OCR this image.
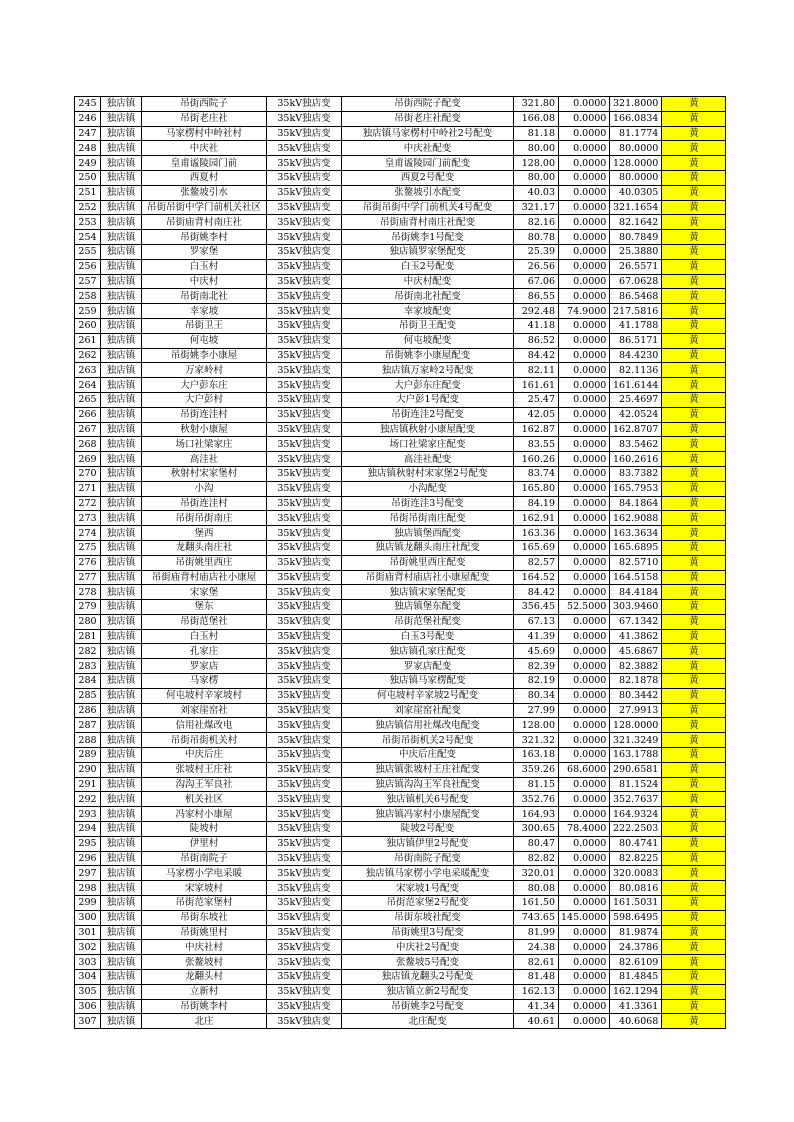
245	独店镇	吊街西院子	35kV独店变	吊街西院子配变	321.80	0.0000	321.8000	黄
246	独店镇	吊街老庄社	35kV独店变	吊街老庄社配变	166.08	0.0000	166.0834	黄
247	独店镇	马家楞村中岭社村	35kV独店变	独店镇马家楞村中岭社2号配变	81.18	0.0000	81.1774	黄
248	独店镇	中庆社	35kV独店变	中庆社配变	80.00	0.0000	80.0000	黄
249	独店镇	皇甫谧陵园门前	35kV独店变	皇甫谧陵园门前配变	128.00	0.0000	128.0000	黄
250	独店镇	西夏村	35kV独店变	西夏2号配变	80.00	0.0000	80.0000	黄
251	独店镇	张鳌坡引水	35kV独店变	张鳌坡引水配变	40.03	0.0000	40.0305	黄
252	独店镇	吊街吊街中学门前机关社区	35kV独店变	吊街吊街中学门前机关4号配变	321.17	0.0000	321.1654	黄
253	独店镇	吊街庙背村南庄社	35kV独店变	吊街庙背村南庄社配变	82.16	0.0000	82.1642	黄
254	独店镇	吊街姚李村	35kV独店变	吊街姚李1号配变	80.78	0.0000	80.7849	黄
255	独店镇	罗家堡	35kV独店变	独店镇罗家堡配变	25.39	0.0000	25.3880	黄
256	独店镇	白玉村	35kV独店变	白玉2号配变	26.56	0.0000	26.5571	黄
257	独店镇	中庆村	35kV独店变	中庆村配变	67.06	0.0000	67.0628	黄
258	独店镇	吊街南北社	35kV独店变	吊街南北社配变	86.55	0.0000	86.5468	黄
259	独店镇	幸家坡	35kV独店变	幸家坡配变	292.48	74.9000	217.5816	黄
260	独店镇	吊街卫王	35kV独店变	吊街卫王配变	41.18	0.0000	41.1788	黄
261	独店镇	何屯坡	35kV独店变	何屯坡配变	86.52	0.0000	86.5171	黄
262	独店镇	吊街姚李小康屋	35kV独店变	吊街姚李小康屋配变	84.42	0.0000	84.4230	黄
263	独店镇	万家岭村	35kV独店变	独店镇万家岭2号配变	82.11	0.0000	82.1136	黄
264	独店镇	大户彭东庄	35kV独店变	大户彭东庄配变	161.61	0.0000	161.6144	黄
265	独店镇	大户彭村	35kV独店变	大户彭1号配变	25.47	0.0000	25.4697	黄
266	独店镇	吊街连洼村	35kV独店变	吊街连洼2号配变	42.05	0.0000	42.0524	黄
267	独店镇	秋射小康屋	35kV独店变	独店镇秋射小康屋配变	162.87	0.0000	162.8707	黄
268	独店镇	场口社梁家庄	35kV独店变	场口社梁家庄配变	83.55	0.0000	83.5462	黄
269	独店镇	高洼社	35kV独店变	高洼社配变	160.26	0.0000	160.2616	黄
270	独店镇	秋射村宋家堡村	35kV独店变	独店镇秋射村宋家堡2号配变	83.74	0.0000	83.7382	黄
271	独店镇	小沟	35kV独店变	小沟配变	165.80	0.0000	165.7953	黄
272	独店镇	吊街连洼村	35kV独店变	吊街连洼3号配变	84.19	0.0000	84.1864	黄
273	独店镇	吊街吊街南庄	35kV独店变	吊街吊街南庄配变	162.91	0.0000	162.9088	黄
274	独店镇	堡西	35kV独店变	独店镇堡西配变	163.36	0.0000	163.3634	黄
275	独店镇	龙翻头南庄社	35kV独店变	独店镇龙翻头南庄社配变	165.69	0.0000	165.6895	黄
276	独店镇	吊街姚里西庄	35kV独店变	吊街姚里西庄配变	82.57	0.0000	82.5710	黄
277	独店镇	吊街庙背村庙店社小康屋	35kV独店变	吊街庙背村庙店社小康屋配变	164.52	0.0000	164.5158	黄
278	独店镇	宋家堡	35kV独店变	独店镇宋家堡配变	84.42	0.0000	84.4184	黄
279	独店镇	堡东	35kV独店变	独店镇堡东配变	356.45	52.5000	303.9460	黄
280	独店镇	吊街范堡社	35kV独店变	吊街范堡社配变	67.13	0.0000	67.1342	黄
281	独店镇	白玉村	35kV独店变	白玉3号配变	41.39	0.0000	41.3862	黄
282	独店镇	孔家庄	35kV独店变	独店镇孔家庄配变	45.69	0.0000	45.6867	黄
283	独店镇	罗家店	35kV独店变	罗家店配变	82.39	0.0000	82.3882	黄
284	独店镇	马家楞	35kV独店变	独店镇马家楞配变	82.19	0.0000	82.1878	黄
285	独店镇	何屯坡村辛家坡村	35kV独店变	何屯坡村辛家坡2号配变	80.34	0.0000	80.3442	黄
286	独店镇	刘家崖窑社	35kV独店变	刘家崖窑社配变	27.99	0.0000	27.9913	黄
287	独店镇	信用社煤改电	35kV独店变	独店镇信用社煤改电配变	128.00	0.0000	128.0000	黄
288	独店镇	吊街吊街机关村	35kV独店变	吊街吊街机关2号配变	321.32	0.0000	321.3249	黄
289	独店镇	中庆后庄	35kV独店变	中庆后庄配变	163.18	0.0000	163.1788	黄
290	独店镇	张坡村王庄社	35kV独店变	独店镇张坡村王庄社配变	359.26	68.6000	290.6581	黄
291	独店镇	沟沟王军良社	35kV独店变	独店镇沟沟王军良社配变	81.15	0.0000	81.1524	黄
292	独店镇	机关社区	35kV独店变	独店镇机关6号配变	352.76	0.0000	352.7637	黄
293	独店镇	冯家村小康屋	35kV独店变	独店镇冯家村小康屋配变	164.93	0.0000	164.9324	黄
294	独店镇	陡坡村	35kV独店变	陡坡2号配变	300.65	78.4000	222.2503	黄
295	独店镇	伊里村	35kV独店变	独店镇伊里2号配变	80.47	0.0000	80.4741	黄
296	独店镇	吊街南院子	35kV独店变	吊街南院子配变	82.82	0.0000	82.8225	黄
297	独店镇	马家楞小学电采暖	35kV独店变	独店镇马家楞小学电采暖配变	320.01	0.0000	320.0083	黄
298	独店镇	宋家坡村	35kV独店变	宋家坡1号配变	80.08	0.0000	80.0816	黄
299	独店镇	吊街范家堡村	35kV独店变	吊街范家堡2号配变	161.50	0.0000	161.5031	黄
300	独店镇	吊街东坡社	35kV独店变	吊街东坡社配变	743.65	145.0000	598.6495	黄
301	独店镇	吊街姚里村	35kV独店变	吊街姚里3号配变	81.99	0.0000	81.9874	黄
302	独店镇	中庆社村	35kV独店变	中庆社2号配变	24.38	0.0000	24.3786	黄
303	独店镇	张鳌坡村	35kV独店变	张鳌坡5号配变	82.61	0.0000	82.6109	黄
304	独店镇	龙翻头村	35kV独店变	独店镇龙翻头2号配变	81.48	0.0000	81.4845	黄
305	独店镇	立新村	35kV独店变	独店镇立新2号配变	162.13	0.0000	162.1294	黄
306	独店镇	吊街姚李村	35kV独店变	吊街姚李2号配变	41.34	0.0000	41.3361	黄
307	独店镇	北庄	35kV独店变	北庄配变	40.61	0.0000	40.6068	黄
